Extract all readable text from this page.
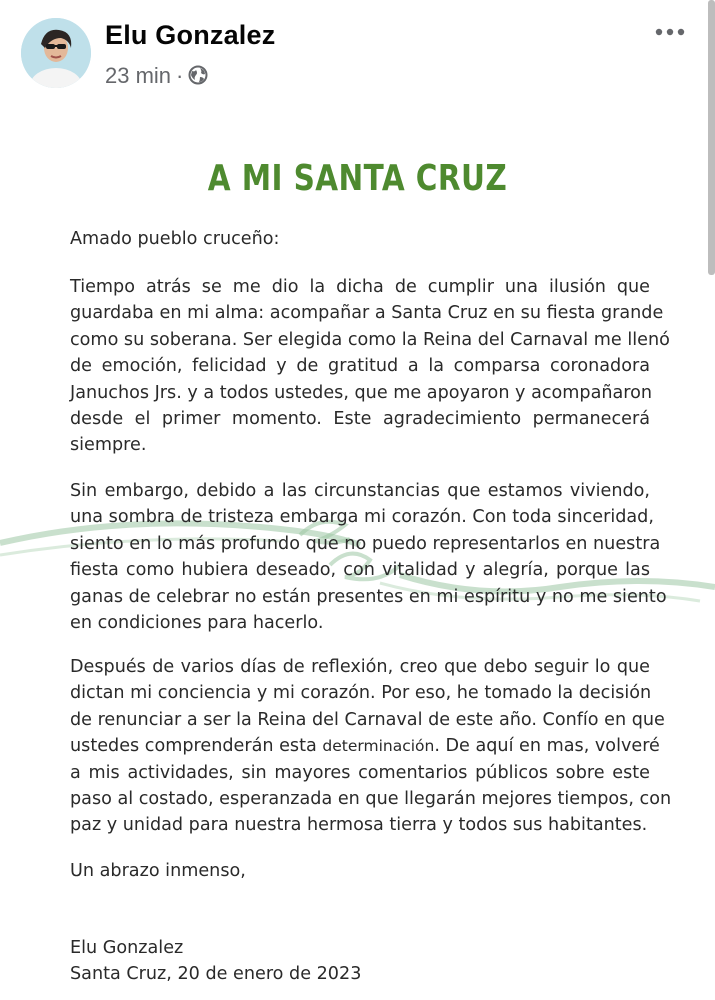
Elu Gonzalez
23 min ·
A MI SANTA CRUZ
Amado pueblo cruceño:
Tiempo atrás se me dio la dicha de cumplir una ilusión que
guardaba en mi alma: acompañar a Santa Cruz en su fiesta grande
como su soberana. Ser elegida como la Reina del Carnaval me llenó
de emoción, felicidad y de gratitud a la comparsa coronadora
Januchos Jrs. y a todos ustedes, que me apoyaron y acompañaron
desde el primer momento. Este agradecimiento permanecerá
siempre.
Sin embargo, debido a las circunstancias que estamos viviendo,
una sombra de tristeza embarga mi corazón. Con toda sinceridad,
siento en lo más profundo que no puedo representarlos en nuestra
fiesta como hubiera deseado, con vitalidad y alegría, porque las
ganas de celebrar no están presentes en mi espíritu y no me siento
en condiciones para hacerlo.
Después de varios días de reflexión, creo que debo seguir lo que
dictan mi conciencia y mi corazón. Por eso, he tomado la decisión
de renunciar a ser la Reina del Carnaval de este año. Confío en que
ustedes comprenderán esta determinación. De aquí en mas, volveré
a mis actividades, sin mayores comentarios públicos sobre este
paso al costado, esperanzada en que llegarán mejores tiempos, con
paz y unidad para nuestra hermosa tierra y todos sus habitantes.
Un abrazo inmenso,
Elu Gonzalez
Santa Cruz, 20 de enero de 2023
